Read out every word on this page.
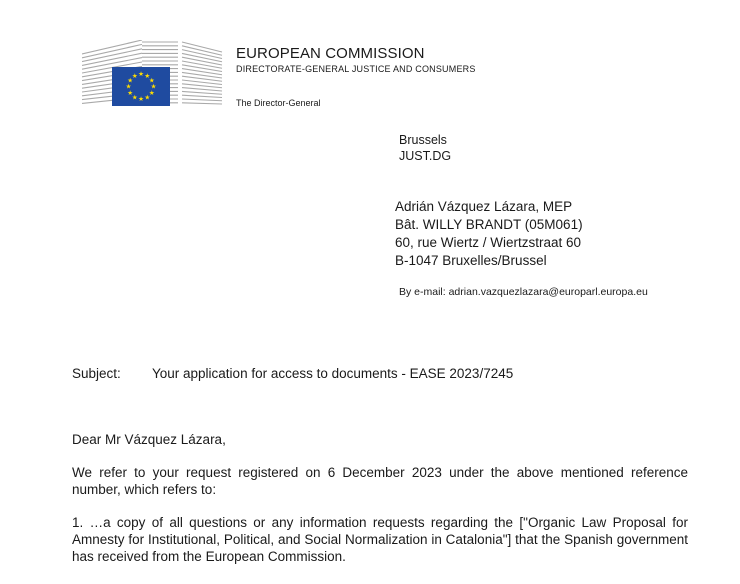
★ ★
★
★
★
★
★
★
★
★
★
★
EUROPEAN COMMISSION
DIRECTORATE-GENERAL JUSTICE AND CONSUMERS
The Director-General
Brussels
JUST.DG
Adrián Vázquez Lázara, MEP
Bât. WILLY BRANDT (05M061)
60, rue Wiertz / Wiertzstraat 60
B-1047 Bruxelles/Brussel
By e-mail: adrian.vazquezlazara@europarl.europa.eu
Subject: Your application for access to documents - EASE 2023/7245
Dear Mr Vázquez Lázara,
We refer to your request registered on 6 December 2023 under the above mentioned reference number, which refers to:
1. …a copy of all questions or any information requests regarding the ["Organic Law Proposal for Amnesty for Institutional, Political, and Social Normalization in Catalonia"] that the Spanish government has received from the European Commission.
